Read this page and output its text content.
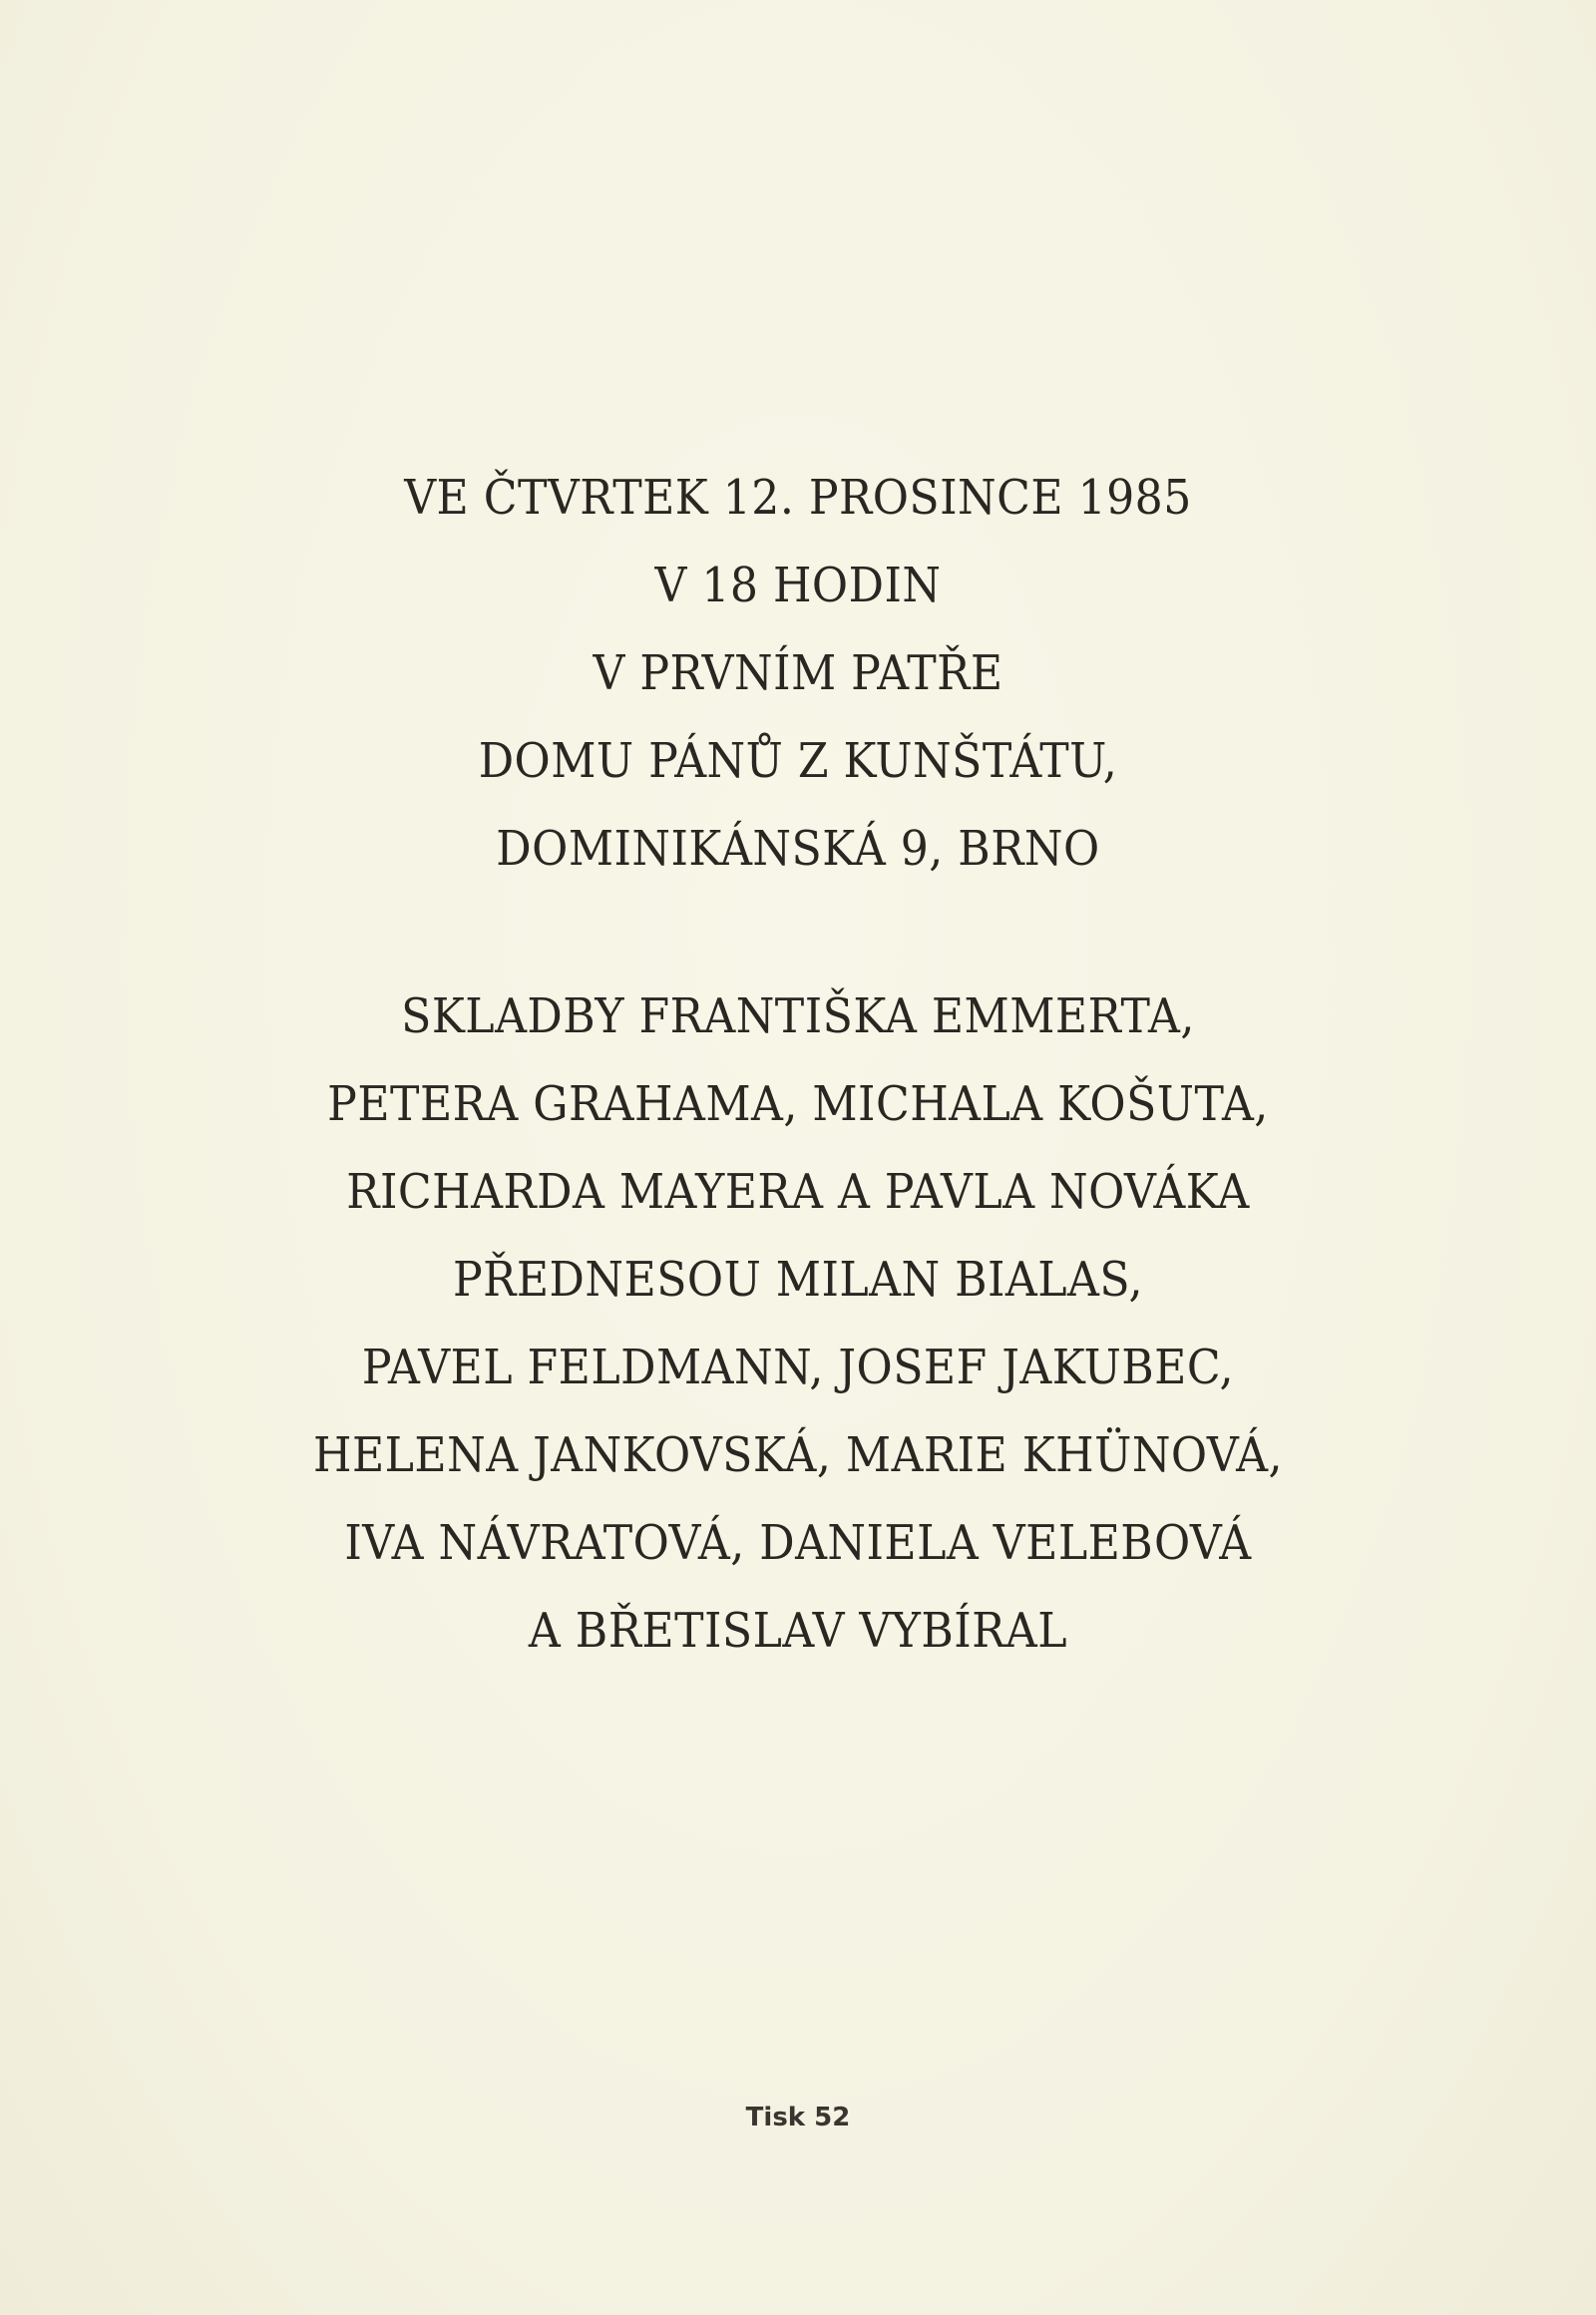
VE ČTVRTEK 12. PROSINCE 1985
V 18 HODIN
V PRVNÍM PATŘE
DOMU PÁNŮ Z KUNŠTÁTU,
DOMINIKÁNSKÁ 9, BRNO
SKLADBY FRANTIŠKA EMMERTA,
PETERA GRAHAMA, MICHALA KOŠUTA,
RICHARDA MAYERA A PAVLA NOVÁKA
PŘEDNESOU MILAN BIALAS,
PAVEL FELDMANN, JOSEF JAKUBEC,
HELENA JANKOVSKÁ, MARIE KHÜNOVÁ,
IVA NÁVRATOVÁ, DANIELA VELEBOVÁ
A BŘETISLAV VYBÍRAL
Tisk 52
